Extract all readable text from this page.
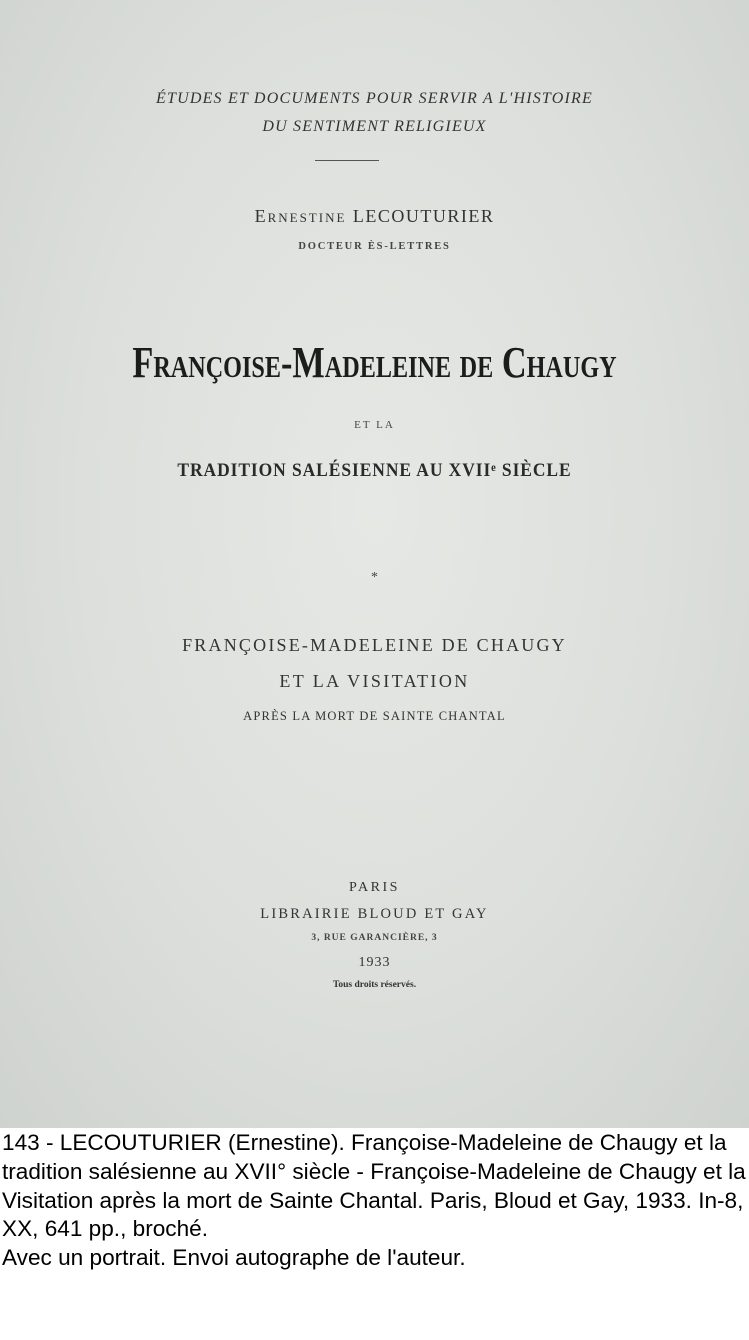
ÉTUDES ET DOCUMENTS POUR SERVIR A L'HISTOIRE
DU SENTIMENT RELIGIEUX
Ernestine LECOUTURIER
DOCTEUR ÈS-LETTRES
Françoise-Madeleine de Chaugy
ET LA
TRADITION SALÉSIENNE AU XVIIᵉ SIÈCLE
*
FRANÇOISE-MADELEINE DE CHAUGY
ET LA VISITATION
APRÈS LA MORT DE SAINTE CHANTAL
PARIS
LIBRAIRIE BLOUD ET GAY
3, RUE GARANCIÈRE, 3
1933
Tous droits réservés.

143 - LECOUTURIER (Ernestine). Françoise-Madeleine de Chaugy et la tradition salésienne au XVII° siècle - Françoise-Madeleine de Chaugy et la Visitation après la mort de Sainte Chantal. Paris, Bloud et Gay, 1933. In-8, XX, 641 pp., broché.

Avec un portrait. Envoi autographe de l'auteur.
